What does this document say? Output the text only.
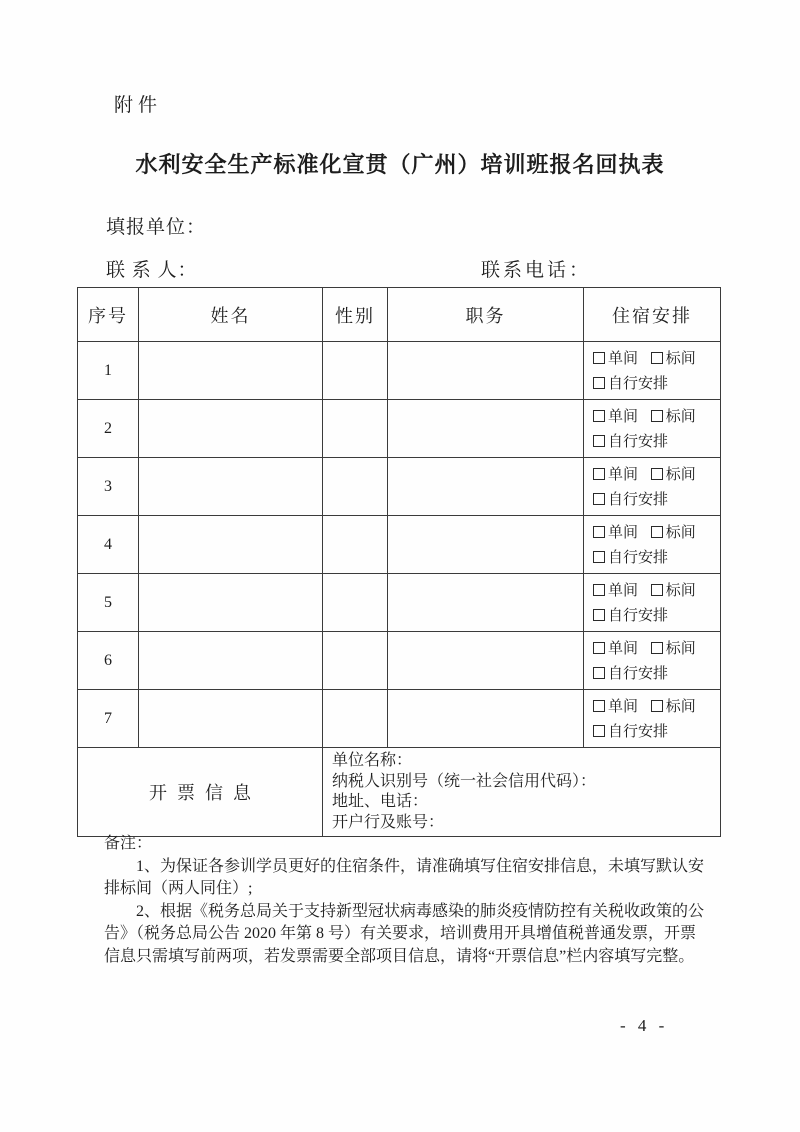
附件
水利安全生产标准化宣贯（广州）培训班报名回执表
填报单位：
联 系 人：	联系电话：
序号	姓名	性别	职务	住宿安排
1				单间 标间
自行安排

2				单间 标间
自行安排

3				单间 标间
自行安排

4				单间 标间
自行安排

5				单间 标间
自行安排

6				单间 标间
自行安排

7				单间 标间
自行安排

开票信息		单位名称：
纳税人识别号（统一社会信用代码）：
地址、电话：
开户行及账号：		
备注：

1、为保证各参训学员更好的住宿条件，请准确填写住宿安排信息，未填写默认安排标间（两人同住）;

2、根据《税务总局关于支持新型冠状病毒感染的肺炎疫情防控有关税收政策的公告》（税务总局公告 2020 年第 8 号）有关要求，培训费用开具增值税普通发票，开票信息只需填写前两项，若发票需要全部项目信息，请将“开票信息”栏内容填写完整。

- 4 -
